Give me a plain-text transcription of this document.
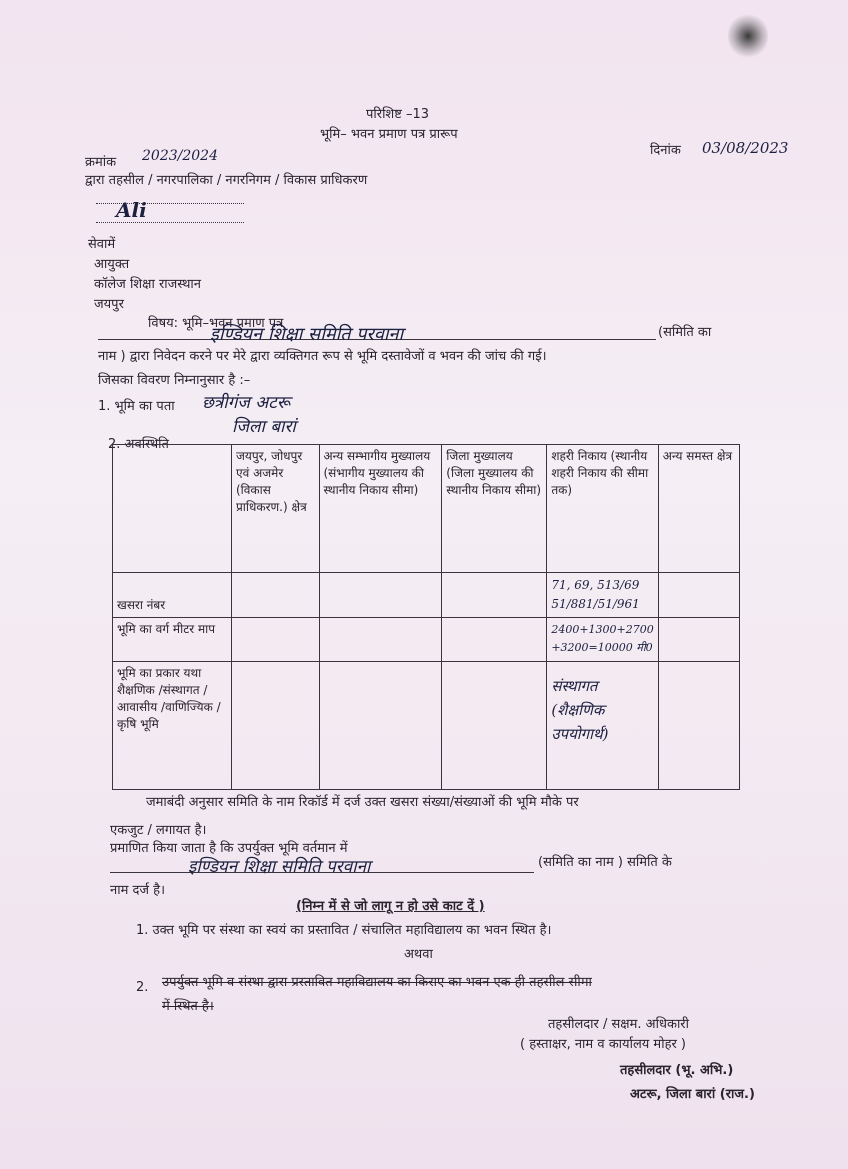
परिशिष्ट –13
भूमि– भवन प्रमाण पत्र प्रारूप
दिनांक 03/08/2023
क्रमांक 2023/2024
द्वारा तहसील / नगरपालिका / नगरनिगम / विकास प्राधिकरण
Ali
सेवामें
आयुक्त
कॉलेज शिक्षा राजस्थान
जयपुर
विषय: भूमि–भवन प्रमाण पत्र
इण्डियन शिक्षा समिति परवाना	(समिति का
नाम ) द्वारा निवेदन करने पर मेरे द्वारा व्यक्तिगत रूप से भूमि दस्तावेजों व भवन की जांच की गई।
जिसका विवरण निम्नानुसार है :–
1. भूमि का पता छत्रीगंज अटरू
जिला बारां
2. अवस्थिति
	जयपुर, जोधपुर एवं अजमेर (विकास प्राधिकरण.) क्षेत्र	अन्य सम्भागीय मुख्यालय (संभागीय मुख्यालय की स्थानीय निकाय सीमा)	जिला मुख्यालय (जिला मुख्यालय की स्थानीय निकाय सीमा)	शहरी निकाय (स्थानीय शहरी निकाय की सीमा तक)	अन्य समस्त क्षेत्र
खसरा नंबर				71, 69, 513/69
51/881/51/961	

भूमि का वर्ग मीटर माप				2400+1300+2700
+3200=10000 मी0	

भूमि का प्रकार यथा शैक्षणिक /संस्थागत /आवासीय /वाणिज्यिक /कृषि भूमि				संस्थागत (शैक्षणिक उपयोगार्थ)	
जमाबंदी अनुसार समिति के नाम रिकॉर्ड में दर्ज उक्त खसरा संख्या/संख्याओं की भूमि मौके पर
एकजुट / लगायत है।
प्रमाणित किया जाता है कि उपर्युक्त भूमि वर्तमान में
इण्डियन शिक्षा समिति परवाना	(समिति का नाम ) समिति के
नाम दर्ज है।
(निम्न में से जो लागू न हो उसे काट दें )
1. उक्त भूमि पर संस्था का स्वयं का प्रस्तावित / संचालित महाविद्यालय का भवन स्थित है।
अथवा
2. उपर्युक्त भूमि व संस्था द्वारा प्रस्तावित महाविद्यालय का किराए का भवन एक ही तहसील सीमा
में स्थित है।
तहसीलदार / सक्षम. अधिकारी
( हस्ताक्षर, नाम व कार्यालय मोहर )
तहसीलदार (भू. अभि.)
अटरू, जिला बारां (राज.)
